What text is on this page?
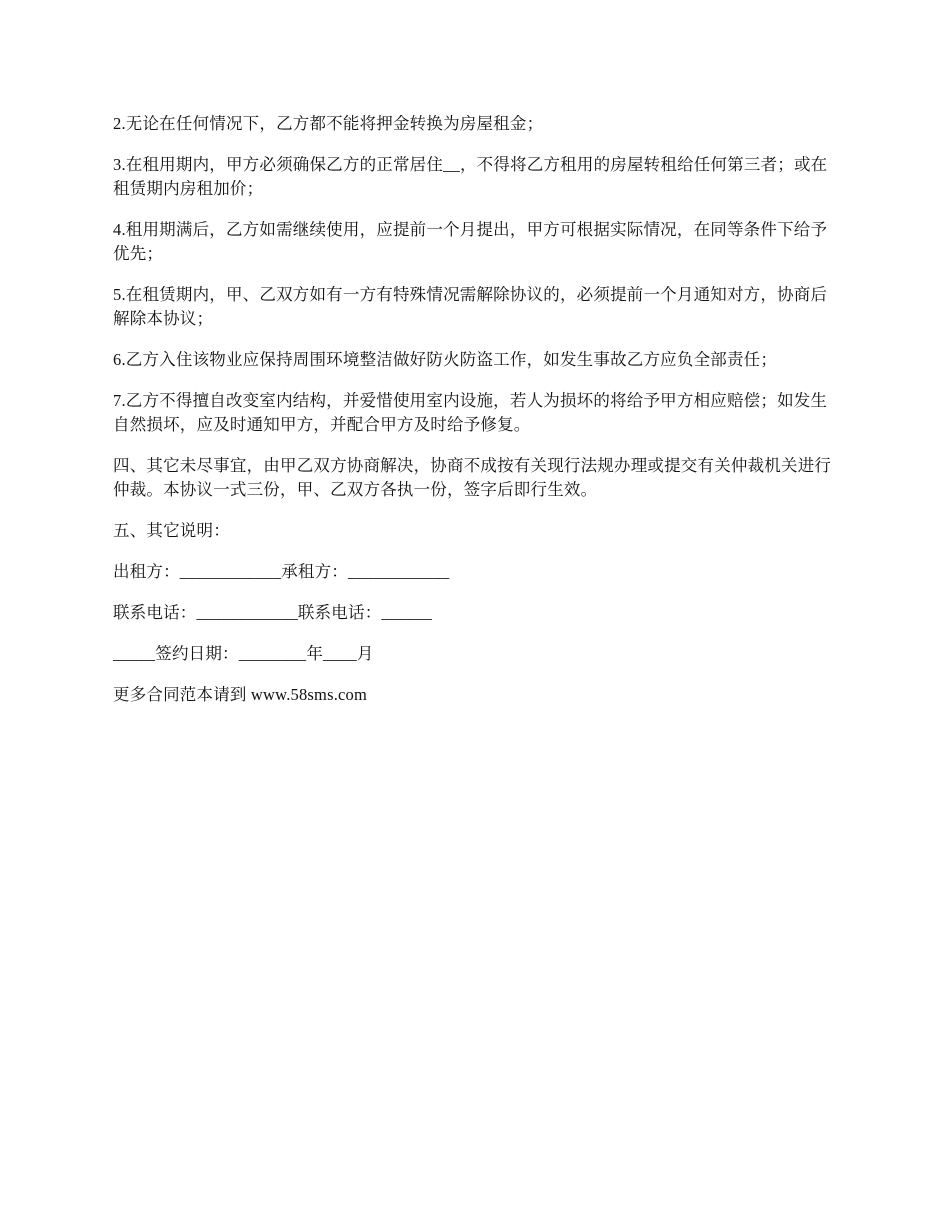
2.无论在任何情况下，乙方都不能将押金转换为房屋租金；

3.在租用期内，甲方必须确保乙方的正常居住__，不得将乙方租用的房屋转租给任何第三者；或在租赁期内房租加价；

4.租用期满后，乙方如需继续使用，应提前一个月提出，甲方可根据实际情况，在同等条件下给予优先；

5.在租赁期内，甲、乙双方如有一方有特殊情况需解除协议的，必须提前一个月通知对方，协商后解除本协议；

6.乙方入住该物业应保持周围环境整洁做好防火防盗工作，如发生事故乙方应负全部责任；

7.乙方不得擅自改变室内结构，并爱惜使用室内设施，若人为损坏的将给予甲方相应赔偿；如发生自然损坏，应及时通知甲方，并配合甲方及时给予修复。

四、其它未尽事宜，由甲乙双方协商解决，协商不成按有关现行法规办理或提交有关仲裁机关进行仲裁。本协议一式三份，甲、乙双方各执一份，签字后即行生效。

五、其它说明：

出租方：____________承租方：____________

联系电话：____________联系电话：______

_____签约日期：________年____月

更多合同范本请到 www.58sms.com
